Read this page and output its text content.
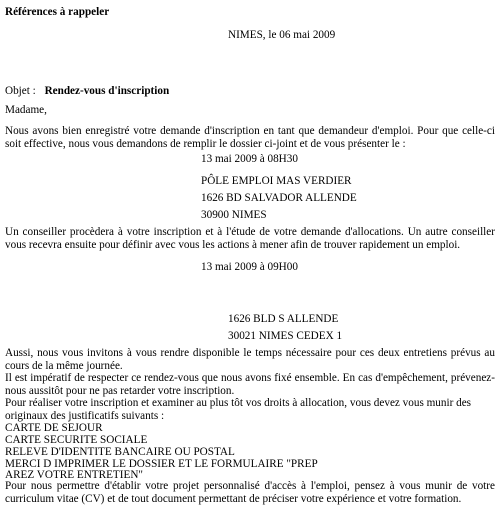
Références à rappeler
NIMES, le 06 mai 2009
Objet : Rendez-vous d'inscription
Madame,
Nous avons bien enregistré votre demande d'inscription en tant que demandeur d'emploi. Pour que celle-ci soit effective, nous vous demandons de remplir le dossier ci-joint et de vous présenter le :
13 mai 2009 à 08H30
PÔLE EMPLOI MAS VERDIER
1626 BD SALVADOR ALLENDE
30900 NIMES
Un conseiller procèdera à votre inscription et à l'étude de votre demande d'allocations. Un autre conseiller vous recevra ensuite pour définir avec vous les actions à mener afin de trouver rapidement un emploi.
13 mai 2009 à 09H00
1626 BLD S ALLENDE
30021 NIMES CEDEX 1
Aussi, nous vous invitons à vous rendre disponible le temps nécessaire pour ces deux entretiens prévus au cours de la même journée.
Il est impératif de respecter ce rendez-vous que nous avons fixé ensemble. En cas d'empêchement, prévenez-nous aussitôt pour ne pas retarder votre inscription.
Pour réaliser votre inscription et examiner au plus tôt vos droits à allocation, vous devez vous munir des originaux des justificatifs suivants :
CARTE DE SEJOUR
CARTE SECURITE SOCIALE
RELEVE D'IDENTITE BANCAIRE OU POSTAL
MERCI D IMPRIMER LE DOSSIER ET LE FORMULAIRE "PREP
AREZ VOTRE ENTRETIEN"
Pour nous permettre d'établir votre projet personnalisé d'accès à l'emploi, pensez à vous munir de votre curriculum vitae (CV) et de tout document permettant de préciser votre expérience et votre formation.
